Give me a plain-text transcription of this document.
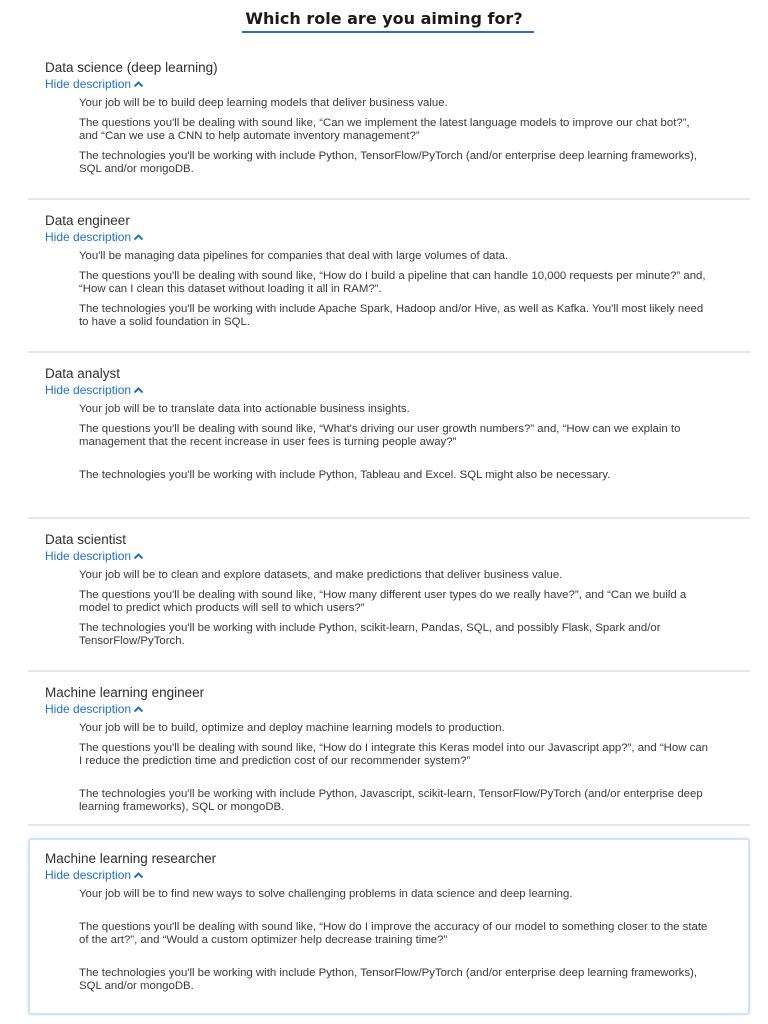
Which role are you aiming for?
Data science (deep learning)
Hide description
Your job will be to build deep learning models that deliver business value.
The questions you'll be dealing with sound like, “Can we implement the latest language models to improve our chat bot?”, and “Can we use a CNN to help automate inventory management?”
The technologies you'll be working with include Python, TensorFlow/PyTorch (and/or enterprise deep learning frameworks), SQL and/or mongoDB.
Data engineer
Hide description
You'll be managing data pipelines for companies that deal with large volumes of data.
The questions you'll be dealing with sound like, “How do I build a pipeline that can handle 10,000 requests per minute?” and, “How can I clean this dataset without loading it all in RAM?”.
The technologies you'll be working with include Apache Spark, Hadoop and/or Hive, as well as Kafka. You'll most likely need to have a solid foundation in SQL.
Data analyst
Hide description
Your job will be to translate data into actionable business insights.
The questions you'll be dealing with sound like, “What's driving our user growth numbers?” and, “How can we explain to management that the recent increase in user fees is turning people away?”
The technologies you'll be working with include Python, Tableau and Excel. SQL might also be necessary.
Data scientist
Hide description
Your job will be to clean and explore datasets, and make predictions that deliver business value.
The questions you'll be dealing with sound like, “How many different user types do we really have?”, and “Can we build a model to predict which products will sell to which users?”
The technologies you'll be working with include Python, scikit-learn, Pandas, SQL, and possibly Flask, Spark and/or TensorFlow/PyTorch.
Machine learning engineer
Hide description
Your job will be to build, optimize and deploy machine learning models to production.
The questions you'll be dealing with sound like, “How do I integrate this Keras model into our Javascript app?”, and “How can I reduce the prediction time and prediction cost of our recommender system?”
The technologies you'll be working with include Python, Javascript, scikit-learn, TensorFlow/PyTorch (and/or enterprise deep learning frameworks), SQL or mongoDB.
Machine learning researcher
Hide description
Your job will be to find new ways to solve challenging problems in data science and deep learning.
The questions you'll be dealing with sound like, “How do I improve the accuracy of our model to something closer to the state of the art?”, and “Would a custom optimizer help decrease training time?”
The technologies you'll be working with include Python, TensorFlow/PyTorch (and/or enterprise deep learning frameworks), SQL and/or mongoDB.
